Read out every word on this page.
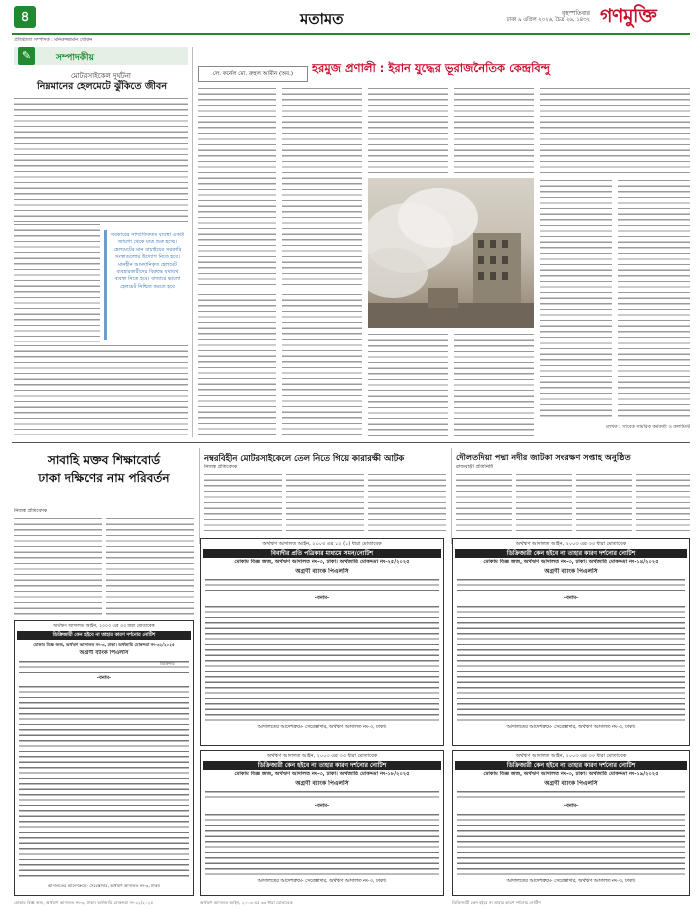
৪	মতামত	বৃহস্পতিবার
ঢাকা ৯ এপ্রিল ২০২৬, চৈত্র ২৬, ১৪৩২ গণমুক্তি
প্রতিষ্ঠাতা সম্পাদক : মনিরুজ্জামান খোকন
✎	সম্পাদকীয়
মোটরসাইকেল দুর্ঘটনা
নিম্নমানের হেলমেটে ঝুঁকিতে জীবন
সরকারের সাম্প্রতিকতম ব্যবস্থা একটা জায়গা থেকে মাত্র শুরু হচ্ছে। হেলমেটের মান যাচাইয়ের সরকারি সংস্থাগুলোর উদ্যোগ নিতে হবে। মানহীন আমদানিকৃত হেলমেট ব্যবহারকারীদের বিরুদ্ধে যথাযথ ব্যবস্থা নিতে হবে। বাজারে ভালো হেলমেট নিশ্চিত করতে হবে
লে. কর্নেল মো. রুহুল আমীন (অব.)	হরমুজ প্রণালী : ইরান যুদ্ধের ভূরাজনৈতিক কেন্দ্রবিন্দু
লেখক : সাবেক সামরিক কর্মকর্তা ও কলামিস্ট
সাবাহি মক্তব শিক্ষাবোর্ড
ঢাকা দক্ষিণের নাম পরিবর্তন
নিজস্ব প্রতিবেদক
নম্বরবিহীন মোটরসাইকেলে তেল নিতে গিয়ে কারারক্ষী আটক
নিজস্ব প্রতিবেদক
দৌলতদিয়া পদ্মা নদীর জাটকা সংরক্ষণ সপ্তাহ অনুষ্ঠিত
রাজবাড়ী প্রতিনিধি
অর্থঋণ আদালত আইন, ২০০৩ এর ১২ (১) ধারা মোতাবেক
বিবাদীর প্রতি পত্রিকার মাধ্যমে সমন/নোটিশ
মোকাম বিজ্ঞ জজ, অর্থঋণ আদালত নং-৩, ঢাকা। অর্থজারি মোকদ্দমা নং-২৫/২০২৫
অগ্রণী ব্যাংক পিএলসি
-বনাম-
আদালতের আদেশক্রমে- সেরেস্তাদার, অর্থঋণ আদালত নং-৩, ঢাকা।
অর্থঋণ আদালত আইন, ২০০৩ এর ৩৩ ধারা মোতাবেক
ডিক্রিজারী কেন হইবে না তাহার কারণ দর্শনোর নোটিশ
মোকাম বিজ্ঞ জজ, অর্থঋণ আদালত নং-৩, ঢাকা। অর্থজারি মোকদ্দমা নং-১৪/২০২৫
অগ্রণী ব্যাংক পিএলসি
-বনাম-
আদালতের আদেশক্রমে- সেরেস্তাদার, অর্থঋণ আদালত নং-৩, ঢাকা।
অর্থঋণ আদালত আইন, ২০০৩ এর ৩৩ ধারা মোতাবেক
ডিক্রিজারী কেন হইবে না তাহার কারণ দর্শনোর নোটিশ
মোকাম বিজ্ঞ জজ, অর্থঋণ আদালত নং-৩, ঢাকা। অর্থজারি মোকদ্দমা নং-৩২/২০২৫
অগ্রণী ব্যাংক পিএলসি
-বনাম-
আদালতের আদেশক্রমে- সেরেস্তাদার, অর্থঋণ আদালত নং-৩, ঢাকা।
অর্থঋণ আদালত আইন, ২০০৩ এর ৩৩ ধারা মোতাবেক
ডিক্রিজারী কেন হইবে না তাহার কারণ দর্শনোর নোটিশ
মোকাম বিজ্ঞ জজ, অর্থঋণ আদালত নং-৩, ঢাকা। অর্থজারি মোকদ্দমা নং-১৮/২০২৫
অগ্রণী ব্যাংক পিএলসি
-বনাম-
আদালতের আদেশক্রমে- সেরেস্তাদার, অর্থঋণ আদালত নং-৩, ঢাকা।
অর্থঋণ আদালত আইন, ২০০৩ এর ৩৩ ধারা মোতাবেক
ডিক্রিজারী কেন হইবে না তাহার কারণ দর্শনোর নোটিশ
মোকাম বিজ্ঞ জজ, অর্থঋণ আদালত নং-৩, ঢাকা। অর্থজারি মোকদ্দমা নং-১৯/২০২৫
অগ্রণী ব্যাংক পিএলসি
-বনাম-
আদালতের আদেশক্রমে- সেরেস্তাদার, অর্থঋণ আদালত নং-৩, ঢাকা।
মোকাম বিজ্ঞ জজ, অর্থঋণ আদালত নং-৩, ঢাকা। অর্থজারি মোকদ্দমা নং-২২/২০২৫	অর্থঋণ আদালত আইন, ২০০৩ এর ৩৩ ধারা মোতাবেক	ডিক্রিজারী কেন হইবে না তাহার কারণ দর্শনোর নোটিশ
ডিক্রিদার
